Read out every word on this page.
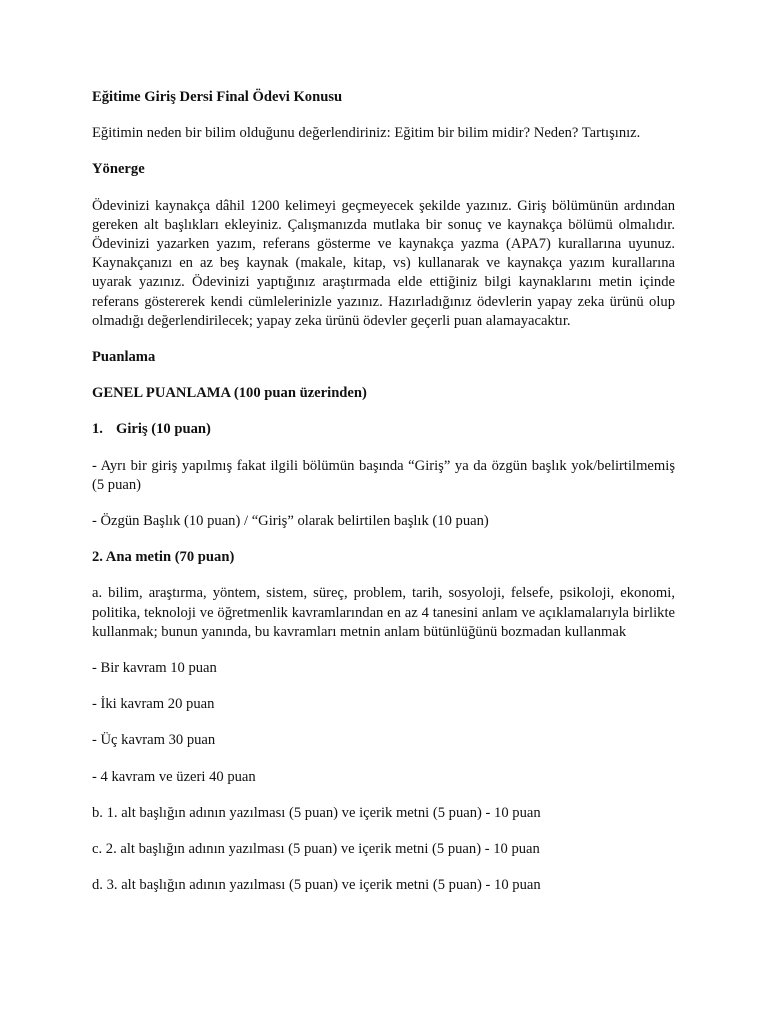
Eğitime Giriş Dersi Final Ödevi Konusu

Eğitimin neden bir bilim olduğunu değerlendiriniz: Eğitim bir bilim midir? Neden? Tartışınız.

Yönerge

Ödevinizi kaynakça dâhil 1200 kelimeyi geçmeyecek şekilde yazınız. Giriş bölümünün ardından gereken alt başlıkları ekleyiniz. Çalışmanızda mutlaka bir sonuç ve kaynakça bölümü olmalıdır. Ödevinizi yazarken yazım, referans gösterme ve kaynakça yazma (APA7) kurallarına uyunuz. Kaynakçanızı en az beş kaynak (makale, kitap, vs) kullanarak ve kaynakça yazım kurallarına uyarak yazınız. Ödevinizi yaptığınız araştırmada elde ettiğiniz bilgi kaynaklarını metin içinde referans göstererek kendi cümlelerinizle yazınız. Hazırladığınız ödevlerin yapay zeka ürünü olup olmadığı değerlendirilecek; yapay zeka ürünü ödevler geçerli puan alamayacaktır.

Puanlama

GENEL PUANLAMA (100 puan üzerinden)

1. Giriş (10 puan)

- Ayrı bir giriş yapılmış fakat ilgili bölümün başında “Giriş” ya da özgün başlık yok/belirtilmemiş (5 puan)

- Özgün Başlık (10 puan) / “Giriş” olarak belirtilen başlık (10 puan)

2. Ana metin (70 puan)

a. bilim, araştırma, yöntem, sistem, süreç, problem, tarih, sosyoloji, felsefe, psikoloji, ekonomi, politika, teknoloji ve öğretmenlik kavramlarından en az 4 tanesini anlam ve açıklamalarıyla birlikte kullanmak; bunun yanında, bu kavramları metnin anlam bütünlüğünü bozmadan kullanmak

- Bir kavram 10 puan

- İki kavram 20 puan

- Üç kavram 30 puan

- 4 kavram ve üzeri 40 puan

b. 1. alt başlığın adının yazılması (5 puan) ve içerik metni (5 puan) - 10 puan

c. 2. alt başlığın adının yazılması (5 puan) ve içerik metni (5 puan) - 10 puan

d. 3. alt başlığın adının yazılması (5 puan) ve içerik metni (5 puan) - 10 puan
